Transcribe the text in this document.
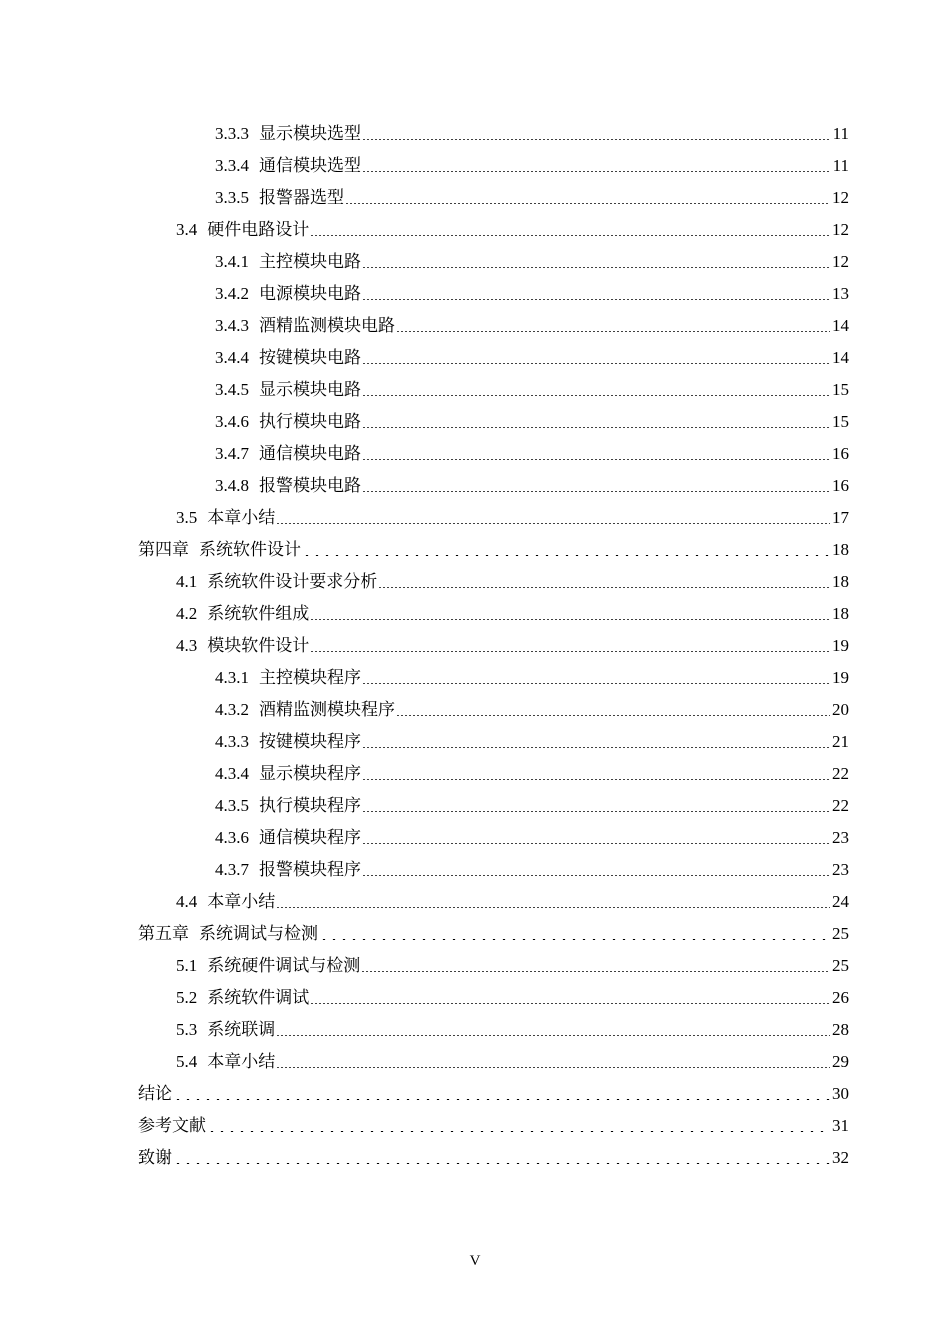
3.3.3 显示模块选型	11
3.3.4 通信模块选型	11
3.3.5 报警器选型	12
3.4 硬件电路设计	12
3.4.1 主控模块电路	12
3.4.2 电源模块电路	13
3.4.3 酒精监测模块电路	14
3.4.4 按键模块电路	14
3.4.5 显示模块电路	15
3.4.6 执行模块电路	15
3.4.7 通信模块电路	16
3.4.8 报警模块电路	16
3.5 本章小结	17
第四章 系统软件设计	18
4.1 系统软件设计要求分析	18
4.2 系统软件组成	18
4.3 模块软件设计	19
4.3.1 主控模块程序	19
4.3.2 酒精监测模块程序	20
4.3.3 按键模块程序	21
4.3.4 显示模块程序	22
4.3.5 执行模块程序	22
4.3.6 通信模块程序	23
4.3.7 报警模块程序	23
4.4 本章小结	24
第五章 系统调试与检测	25
5.1 系统硬件调试与检测	25
5.2 系统软件调试	26
5.3 系统联调	28
5.4 本章小结	29
结论	30
参考文献	31
致谢	32
V
